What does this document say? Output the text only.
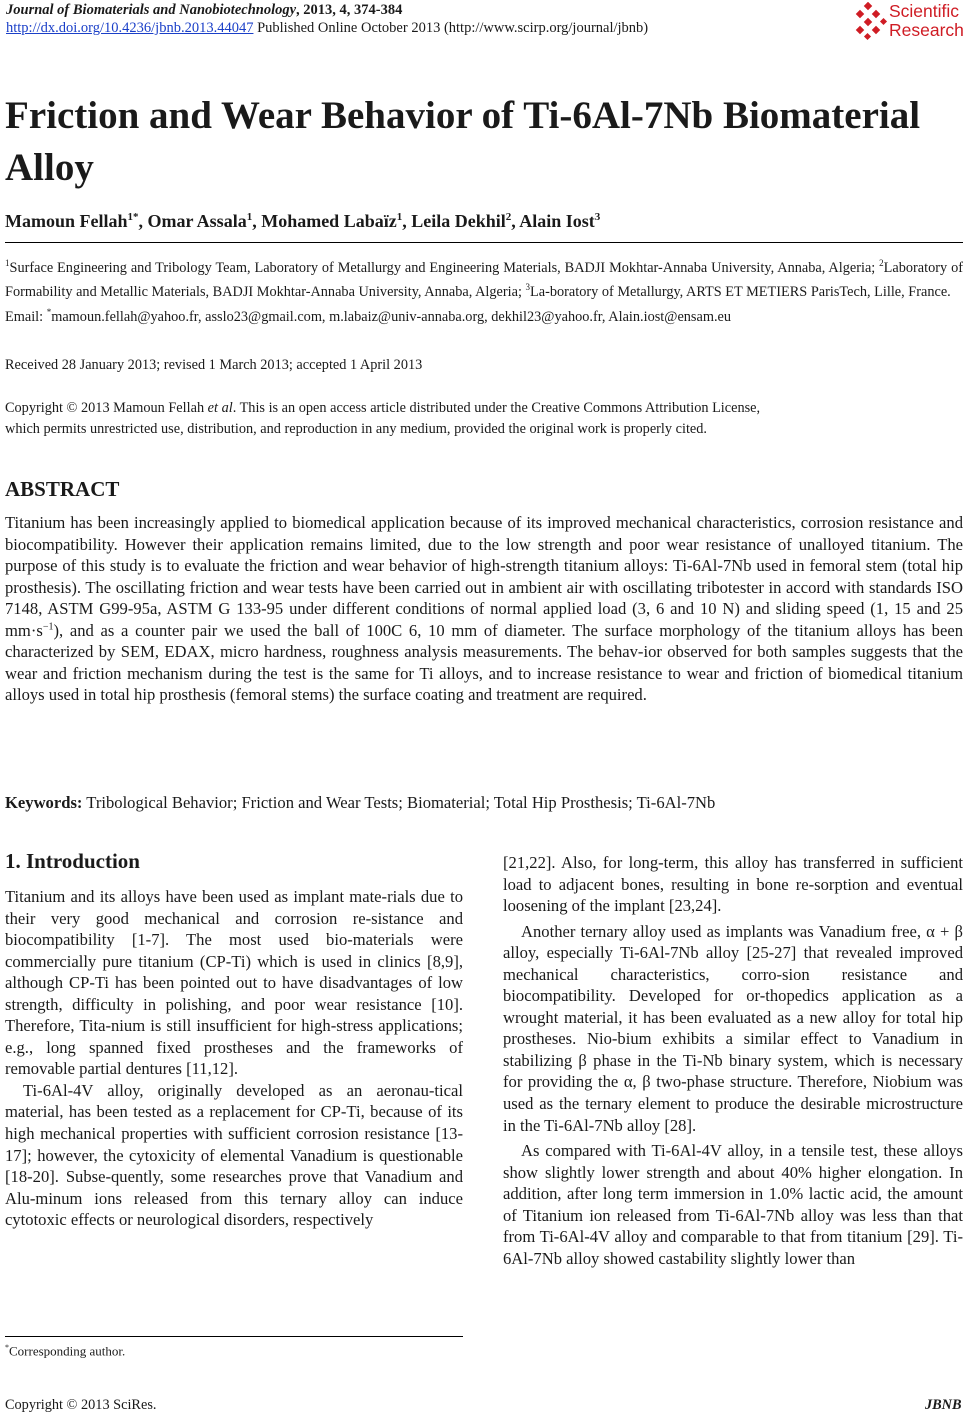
Journal of Biomaterials and Nanobiotechnology, 2013, 4, 374-384
http://dx.doi.org/10.4236/jbnb.2013.44047 Published Online October 2013 (http://www.scirp.org/journal/jbnb)
Scientific
Research
Friction and Wear Behavior of Ti-6Al-7Nb Biomaterial Alloy
Mamoun Fellah$^{1*}$, Omar Assala$^1$, Mohamed Labaïz$^1$, Leila Dekhil$^2$, Alain Iost$^3$
$^1$Surface Engineering and Tribology Team, Laboratory of Metallurgy and Engineering Materials, BADJI Mokhtar-Annaba University, Annaba, Algeria; $^2$Laboratory of Formability and Metallic Materials, BADJI Mokhtar-Annaba University, Annaba, Algeria; $^3$La-boratory of Metallurgy, ARTS ET METIERS ParisTech, Lille, France.
Email: *mamoun.fellah@yahoo.fr, asslo23@gmail.com, m.labaiz@univ-annaba.org, dekhil23@yahoo.fr, Alain.iost@ensam.eu
Received 28 January 2013; revised 1 March 2013; accepted 1 April 2013
Copyright © 2013 Mamoun Fellah et al. This is an open access article distributed under the Creative Commons Attribution License,
which permits unrestricted use, distribution, and reproduction in any medium, provided the original work is properly cited.
ABSTRACT

Titanium has been increasingly applied to biomedical application because of its improved mechanical characteristics, corrosion resistance and biocompatibility. However their application remains limited, due to the low strength and poor wear resistance of unalloyed titanium. The purpose of this study is to evaluate the friction and wear behavior of high-strength titanium alloys: Ti-6Al-7Nb used in femoral stem (total hip prosthesis). The oscillating friction and wear tests have been carried out in ambient air with oscillating tribotester in accord with standards ISO 7148, ASTM G99-95a, ASTM G 133-95 under different conditions of normal applied load (3, 6 and 10 N) and sliding speed (1, 15 and 25 $mm\cdot s^{-1}$), and as a counter pair we used the ball of 100C 6, 10 mm of diameter. The surface morphology of the titanium alloys has been characterized by SEM, EDAX, micro hardness, roughness analysis measurements. The behav-ior observed for both samples suggests that the wear and friction mechanism during the test is the same for Ti alloys, and to increase resistance to wear and friction of biomedical titanium alloys used in total hip prosthesis (femoral stems) the surface coating and treatment are required.

Keywords: Tribological Behavior; Friction and Wear Tests; Biomaterial; Total Hip Prosthesis; Ti-6Al-7Nb
1. Introduction

Titanium and its alloys have been used as implant mate-rials due to their very good mechanical and corrosion re-sistance and biocompatibility [1-7]. The most used bio-materials were commercially pure titanium (CP-Ti) which is used in clinics [8,9], although CP-Ti has been pointed out to have disadvantages of low strength, difficulty in polishing, and poor wear resistance [10]. Therefore, Tita-nium is still insufficient for high-stress applications; e.g., long spanned fixed prostheses and the frameworks of removable partial dentures [11,12].

Ti-6Al-4V alloy, originally developed as an aeronau-tical material, has been tested as a replacement for CP-Ti, because of its high mechanical properties with sufficient corrosion resistance [13-17]; however, the cytoxicity of elemental Vanadium is questionable [18-20]. Subse-quently, some researches prove that Vanadium and Alu-minum ions released from this ternary alloy can induce cytotoxic effects or neurological disorders, respectively

[21,22]. Also, for long-term, this alloy has transferred in sufficient load to adjacent bones, resulting in bone re-sorption and eventual loosening of the implant [23,24].

Another ternary alloy used as implants was Vanadium free, α + β alloy, especially Ti-6Al-7Nb alloy [25-27] that revealed improved mechanical characteristics, corro-sion resistance and biocompatibility. Developed for or-thopedics application as a wrought material, it has been evaluated as a new alloy for total hip prostheses. Nio-bium exhibits a similar effect to Vanadium in stabilizing β phase in the Ti-Nb binary system, which is necessary for providing the α, β two-phase structure. Therefore, Niobium was used as the ternary element to produce the desirable microstructure in the Ti-6Al-7Nb alloy [28].

As compared with Ti-6Al-4V alloy, in a tensile test, these alloys show slightly lower strength and about 40% higher elongation. In addition, after long term immersion in 1.0% lactic acid, the amount of Titanium ion released from Ti-6Al-7Nb alloy was less than that from Ti-6Al-4V alloy and comparable to that from titanium [29]. Ti-6Al-7Nb alloy showed castability slightly lower than

*Corresponding author.
Copyright © 2013 SciRes.	JBNB
